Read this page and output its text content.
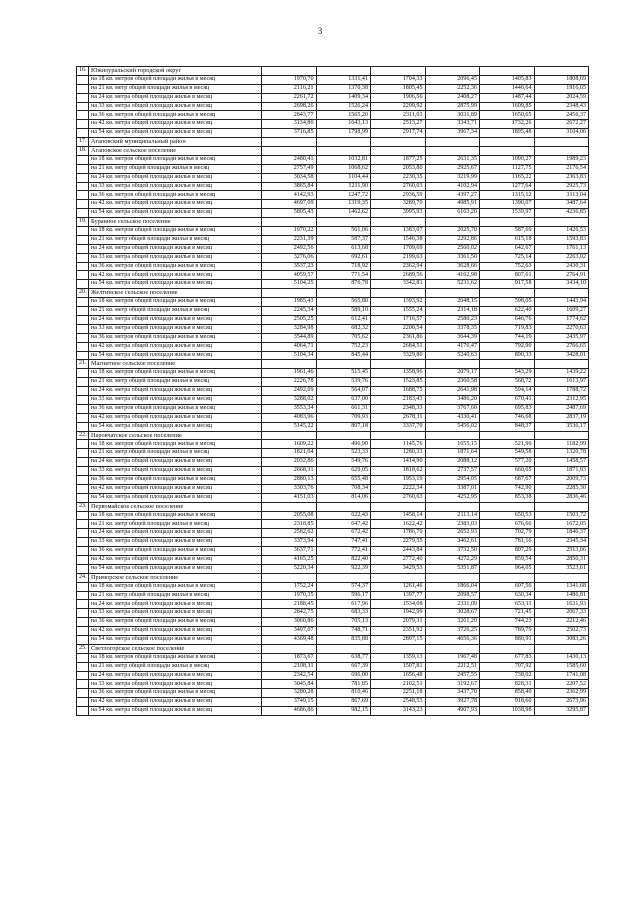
3
16.	Южноуральский городской округ						
	на 18 кв. метров общей площади жилья в месяц	1970,70	1331,41	1704,33	2096,45	1405,83	1808,69
	на 21 кв. метр общей площади жилья в месяц	2116,21	1370,38	1805,45	2252,36	1446,64	1916,65
	на 24 кв. метра общей площади жилья в месяц	2261,72	1409,34	1906,56	2408,27	1487,44	2024,59
	на 33 кв. метра общей площади жилья в месяц	2698,26	1526,24	2209,92	2875,99	1609,85	2348,43
	на 36 кв. метров общей площади жилья в месяц	2843,77	1565,20	2311,03	3031,89	1650,65	2456,37
	на 42 кв. метра общей площади жилья в месяц	3134,80	1643,13	2513,27	3343,71	1732,26	2672,27
	на 54 кв. метра общей площади жилья в месяц	3716,85	1798,99	2917,74	3967,34	1895,48	3104,06
17.	Агаповский муниципальный район						
18.	Агаповское сельское поселение						
	на 18 кв. метров общей площади жилья в месяц	2480,41	1032,81	1877,25	2631,35	1090,27	1989,23
	на 21 кв. метр общей площади жилья в месяц	2757,49	1068,62	2053,80	2925,67	1127,75	2176,54
	на 24 кв. метра общей площади жилья в месяц	3034,58	1104,44	2230,35	3219,99	1165,22	2363,83
	на 33 кв. метра общей площади жилья в месяц	3865,84	1211,90	2760,03	4102,94	1277,64	2925,73
	на 36 кв. метров общей площади жилья в месяц	4142,93	1247,72	2936,59	4397,27	1315,12	3113,04
	на 42 кв. метра общей площади жилья в месяц	4697,09	1319,35	3289,70	4985,91	1390,07	3487,64
	на 54 кв. метра общей площади жилья в месяц	5805,43	1462,62	3995,93	6163,20	1539,97	4236,85
19.	Буранное сельское поселение						
	на 18 кв. метров общей площади жилья в месяц	1970,22	561,06	1383,07	2025,70	587,69	1426,53
	на 21 кв. метр общей площади жилья в месяц	2231,39	587,37	1546,38	2292,86	615,18	1593,83
	на 24 кв. метра общей площади жилья в месяц	2492,56	613,68	1709,69	2560,02	642,67	1761,13
	на 33 кв. метра общей площади жилья в месяц	3276,06	692,61	2199,63	3361,50	725,14	2263,02
	на 36 кв. метров общей площади жилья в месяц	3537,23	718,92	2362,94	3628,66	752,63	2430,31
	на 42 кв. метра общей площади жилья в месяц	4059,57	771,54	2689,56	4162,98	807,61	2764,91
	на 54 кв. метра общей площади жилья в месяц	5104,25	876,78	3342,81	5231,62	917,58	3434,10
20.	Желтинское сельское поселение						
	на 18 кв. метров общей площади жилья в месяц	1985,43	565,80	1393,92	2048,15	598,05	1443,94
	на 21 кв. метр общей площади жилья в месяц	2245,34	589,10	1555,24	2314,18	622,40	1609,27
	на 24 кв. метра общей площади жилья в месяц	2505,25	612,41	1716,57	2580,23	646,76	1774,62
	на 33 кв. метра общей площади жилья в месяц	3284,98	682,32	2200,54	3378,35	719,83	2270,63
	на 36 кв. метров общей площади жилья в месяц	3544,89	705,62	2361,86	3644,39	744,19	2435,97
	на 42 кв. метра общей площади жилья в месяц	4064,71	752,23	2684,51	4176,47	792,90	2766,65
	на 54 кв. метра общей площади жилья в месяц	5104,34	845,44	3329,80	5240,63	890,33	3428,01
21.	Магнитное сельское поселение						
	на 18 кв. метров общей площади жилья в месяц	1961,46	515,45	1358,96	2079,17	543,29	1439,22
	на 21 кв. метр общей площади жилья в месяц	2226,78	539,76	1523,85	2360,58	568,72	1613,97
	на 24 кв. метра общей площади жилья в месяц	2492,09	564,07	1688,75	2641,98	594,14	1788,72
	на 33 кв. метра общей площади жилья в месяц	3288,02	637,00	2183,43	3486,20	670,41	2312,95
	на 36 кв. метров общей площади жилья в месяц	3553,34	661,31	2348,33	3767,60	695,83	2487,69
	на 42 кв. метра общей площади жилья в месяц	4083,96	709,93	2678,11	4330,41	746,68	2837,19
	на 54 кв. метра общей площади жилья в месяц	5145,22	807,18	3337,70	5456,02	848,37	3536,17
22.	Наровчатское сельское поселение						
	на 18 кв. метров общей площади жилья в месяц	1609,22	496,90	1145,76	1655,15	521,96	1182,99
	на 21 кв. метр общей площади жилья в месяц	1821,04	523,33	1280,33	1871,64	549,58	1320,78
	на 24 кв. метра общей площади жилья в месяц	2032,86	549,76	1414,90	2088,12	577,20	1458,57
	на 33 кв. метра общей площади жилья в месяц	2668,31	629,05	1818,62	2737,57	660,05	1871,93
	на 36 кв. метров общей площади жилья в месяц	2880,13	655,48	1953,19	2954,05	687,67	2009,73
	на 42 кв. метра общей площади жилья в месяц	3303,76	708,34	2222,34	3387,01	742,90	2285,30
	на 54 кв. метра общей площади жилья в месяц	4151,03	814,06	2760,63	4252,95	853,38	2836,46
23.	Первомайское сельское поселение						
	на 18 кв. метров общей площади жилья в месяц	2055,08	622,43	1458,14	2113,14	650,53	1503,72
	на 21 кв. метр общей площади жилья в месяц	2318,85	647,42	1622,42	2383,03	676,66	1672,05
	на 24 кв. метра общей площади жилья в месяц	2582,62	672,42	1786,70	2652,93	702,79	1840,37
	на 33 кв. метра общей площади жилья в месяц	3373,94	747,41	2279,55	3462,61	781,16	2345,34
	на 36 кв. метров общей площади жилья в месяц	3637,71	772,41	2443,84	3732,50	807,29	2513,66
	на 42 кв. метра общей площади жилья в месяц	4165,25	822,40	2772,40	4272,29	859,54	2850,31
	на 54 кв. метра общей площади жилья в месяц	5220,34	922,39	3429,53	5351,87	964,05	3523,61
24.	Приморское сельское поселение						
	на 18 кв. метров общей площади жилья в месяц	1752,24	574,37	1261,46	1866,04	607,56	1341,68
	на 21 кв. метр общей площади жилья в месяц	1970,35	596,17	1397,77	2098,57	630,34	1486,81
	на 24 кв. метра общей площади жилья в месяц	2188,45	617,96	1534,08	2331,09	653,11	1631,93
	на 33 кв. метра общей площади жилья в месяц	2842,75	683,33	1942,99	3028,67	721,45	2067,33
	на 36 кв. метров общей площади жилья в месяц	3060,86	705,13	2079,31	3261,20	744,23	2212,46
	на 42 кв. метра общей площади жилья в месяц	3497,07	748,71	2351,92	3726,25	789,79	2502,73
	на 54 кв. метра общей площади жилья в месяц	4369,48	835,88	2897,15	4656,36	880,91	3083,26
25.	Светлогорское сельское поселение						
	на 18 кв. метров общей площади жилья в месяц	1873,67	638,77	1359,13	1967,48	677,83	1430,13
	на 21 кв. метр общей площади жилья в месяц	2108,11	667,39	1507,81	2212,51	707,92	1585,60
	на 24 кв. метра общей площади жилья в месяц	2342,54	696,00	1656,48	2457,55	738,02	1741,08
	на 33 кв. метра общей площади жилья в месяц	3045,84	781,85	2102,51	3192,67	828,31	2207,52
	на 36 кв. метров общей площади жилья в месяц	3280,28	810,46	2251,18	3437,70	858,40	2362,99
	на 42 кв. метра общей площади жилья в месяц	3749,15	867,69	2548,53	3927,78	918,60	2673,96
	на 54 кв. метра общей площади жилья в месяц	4686,86	982,15	3143,23	4907,93	1038,98	3295,87
